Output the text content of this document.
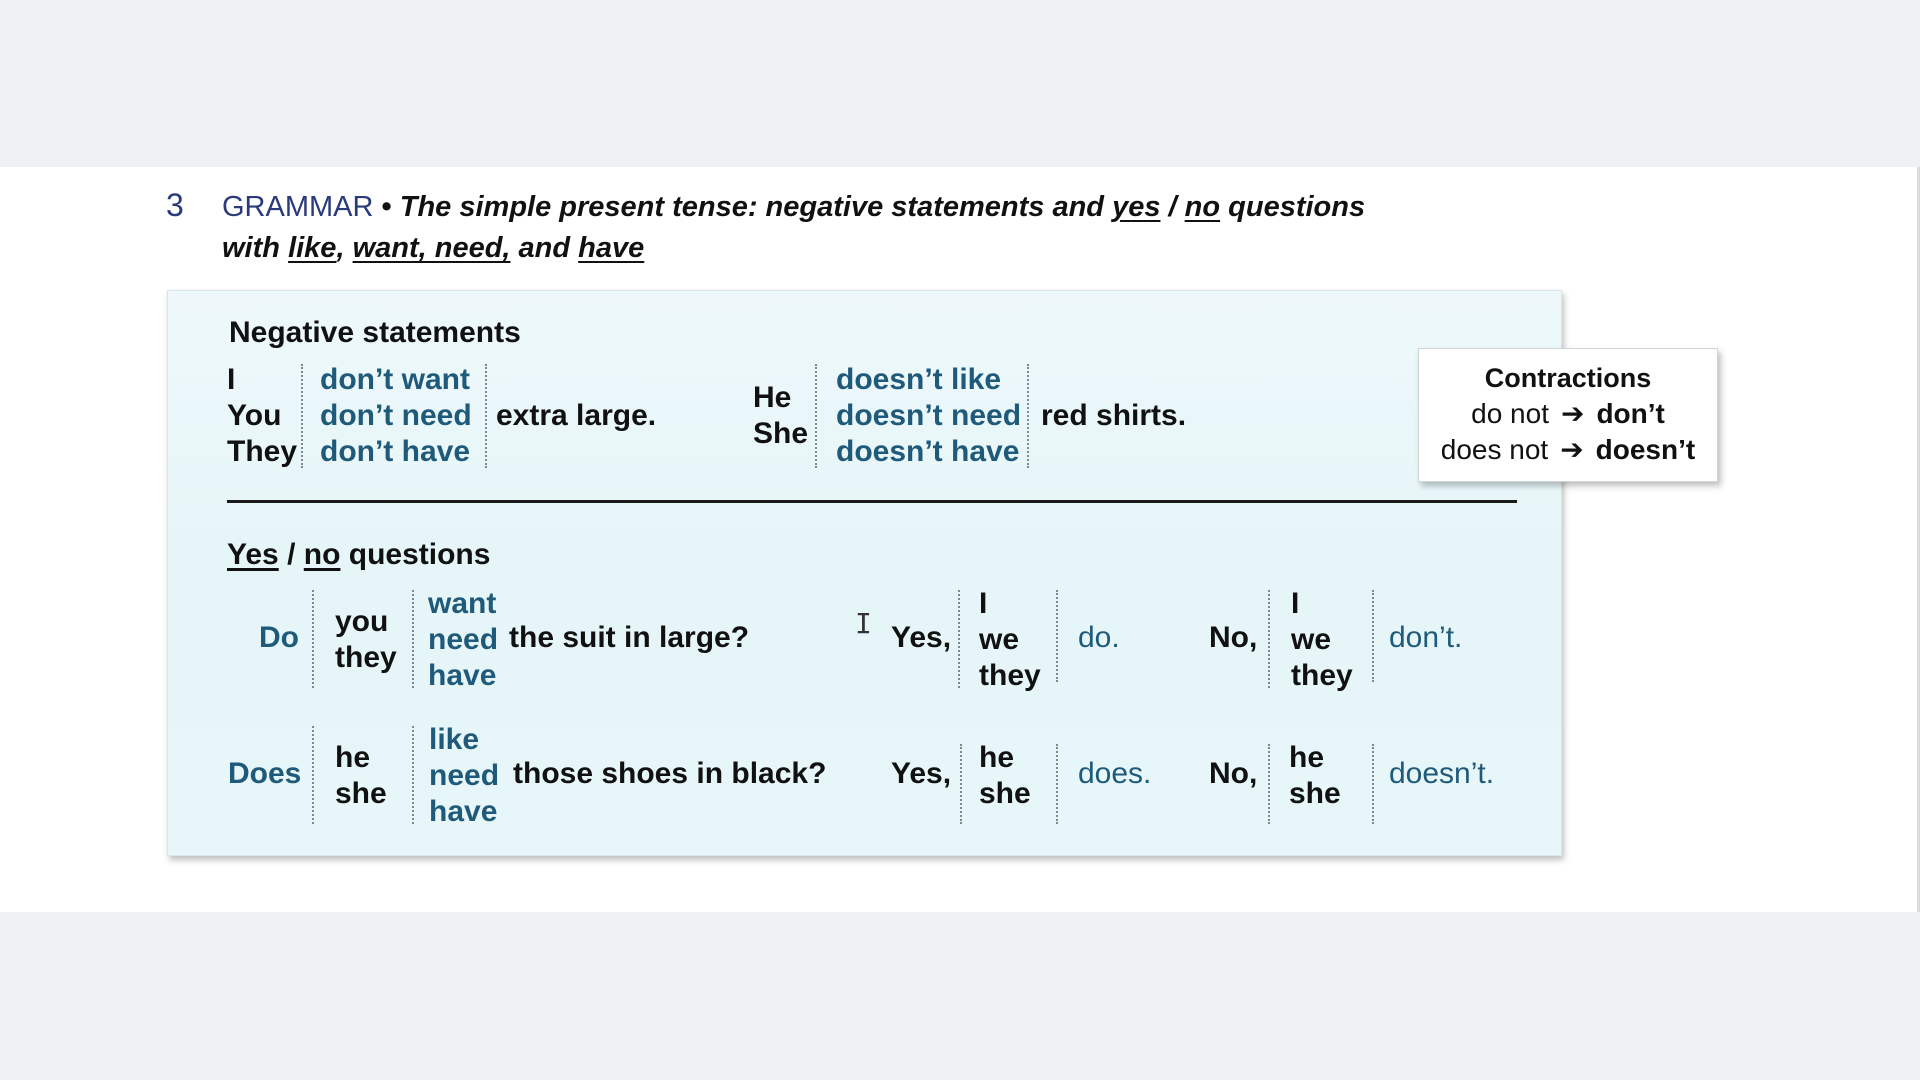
3 GRAMMAR • The simple present tense: negative statements and yes / no questions
with like, want, need, and have
Contractions
do not ➔ don’t
does not ➔ doesn’t
Negative statements
I
You
They
don’t want
don’t need
don’t have
extra large.
He
She
doesn’t like
doesn’t need
doesn’t have
red shirts.
Yes / no questions
I
Do you
they
want
need
have
the suit in large?	Yes,
I
we
they
do.	No,
I
we
they
don’t.
Does he
she
like
need
have
those shoes in black? Yes, he
she
does. No, he
she
doesn’t.
